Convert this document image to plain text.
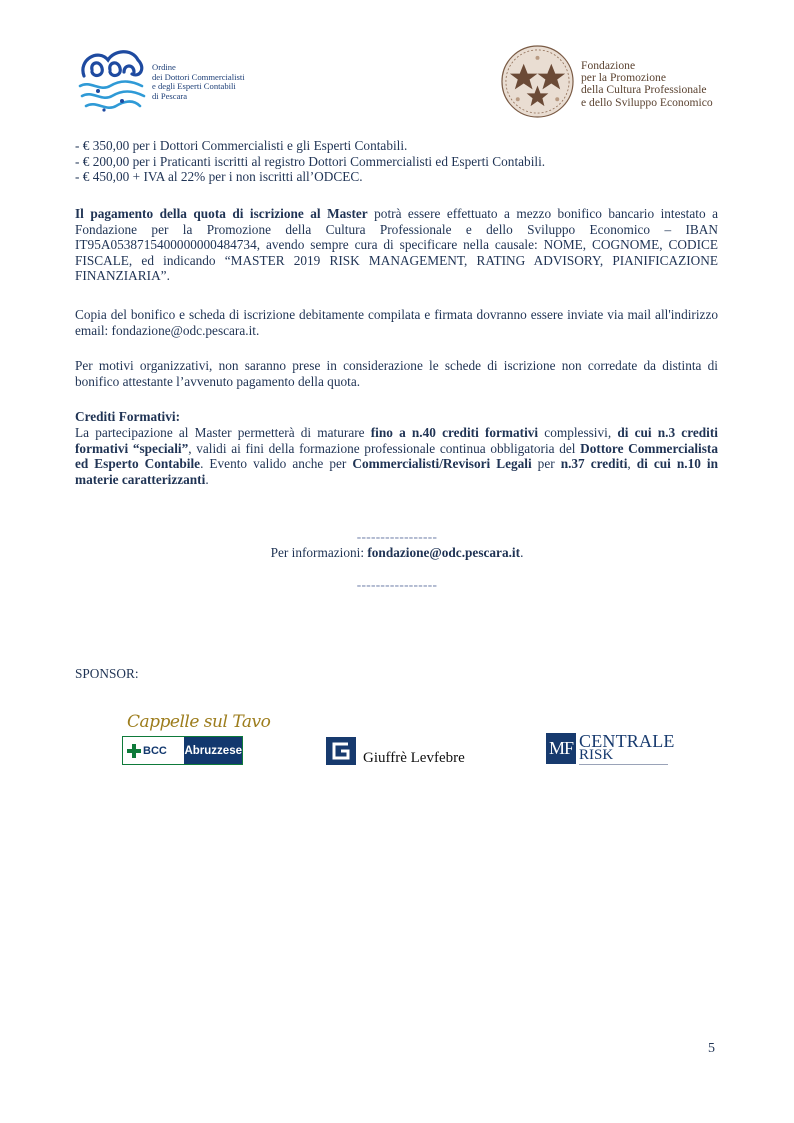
Ordine
dei Dottori Commercialisti
e degli Esperti Contabili
di Pescara
Fondazione
per la Promozione
della Cultura Professionale
e dello Sviluppo Economico

- € 350,00 per i Dottori Commercialisti e gli Esperti Contabili.

- € 200,00 per i Praticanti iscritti al registro Dottori Commercialisti ed Esperti Contabili.

- € 450,00 + IVA al 22% per i non iscritti all’ODCEC.

Il pagamento della quota di iscrizione al Master potrà essere effettuato a mezzo bonifico bancario intestato a Fondazione per la Promozione della Cultura Professionale e dello Sviluppo Economico – IBAN IT95A0538715400000000484734, avendo sempre cura di specificare nella causale: NOME, COGNOME, CODICE FISCALE, ed indicando “MASTER 2019 RISK MANAGEMENT, RATING ADVISORY, PIANIFICAZIONE FINANZIARIA”.
Copia del bonifico e scheda di iscrizione debitamente compilata e firmata dovranno essere inviate via mail all'indirizzo email: fondazione@odc.pescara.it.
Per motivi organizzativi, non saranno prese in considerazione le schede di iscrizione non corredate da distinta di bonifico attestante l’avvenuto pagamento della quota.
Crediti Formativi:
La partecipazione al Master permetterà di maturare fino a n.40 crediti formativi complessivi, di cui n.3 crediti formativi “speciali”, validi ai fini della formazione professionale continua obbligatoria del Dottore Commercialista ed Esperto Contabile. Evento valido anche per Commercialisti/Revisori Legali per n.37 crediti, di cui n.10 in materie caratterizzanti.
-----------------
Per informazioni: fondazione@odc.pescara.it.
-----------------
SPONSOR:
Cappelle sul Tavo
BCC Abruzzese	Giuffrè Levfebre	MF CENTRALE
RISK
5
